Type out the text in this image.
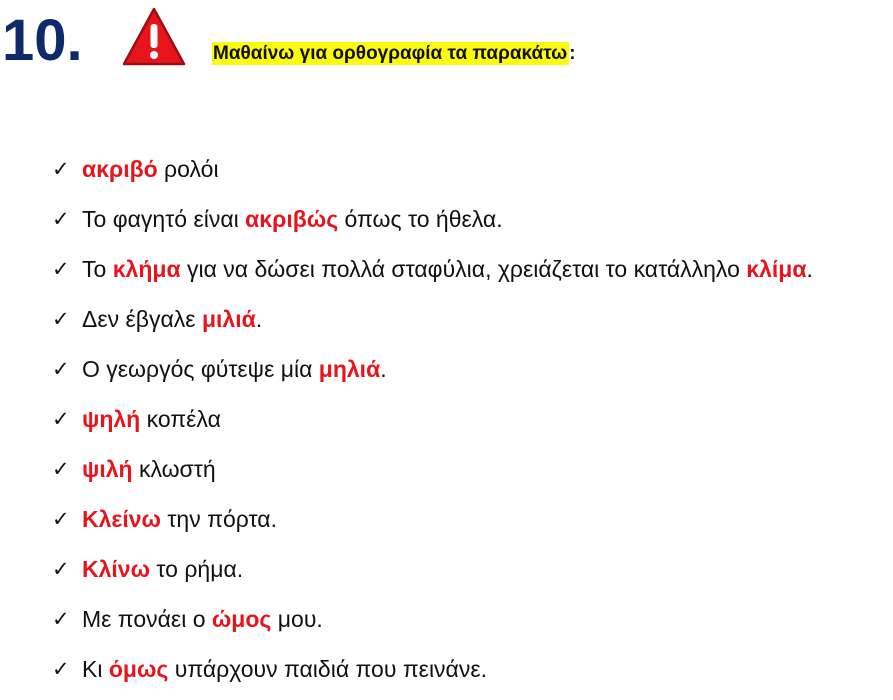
10.	Μαθαίνω για ορθογραφία τα παρακάτω :
✓ ακριβό ρολόι
✓ Το φαγητό είναι ακριβώς όπως το ήθελα.
✓ Το κλήμα για να δώσει πολλά σταφύλια, χρειάζεται το κατάλληλο κλίμα.
✓ Δεν έβγαλε μιλιά.
✓ Ο γεωργός φύτεψε μία μηλιά.
✓ ψηλή κοπέλα
✓ ψιλή κλωστή
✓ Κλείνω την πόρτα.
✓ Κλίνω το ρήμα.
✓ Με πονάει ο ώμος μου.
✓ Κι όμως υπάρχουν παιδιά που πεινάνε.
